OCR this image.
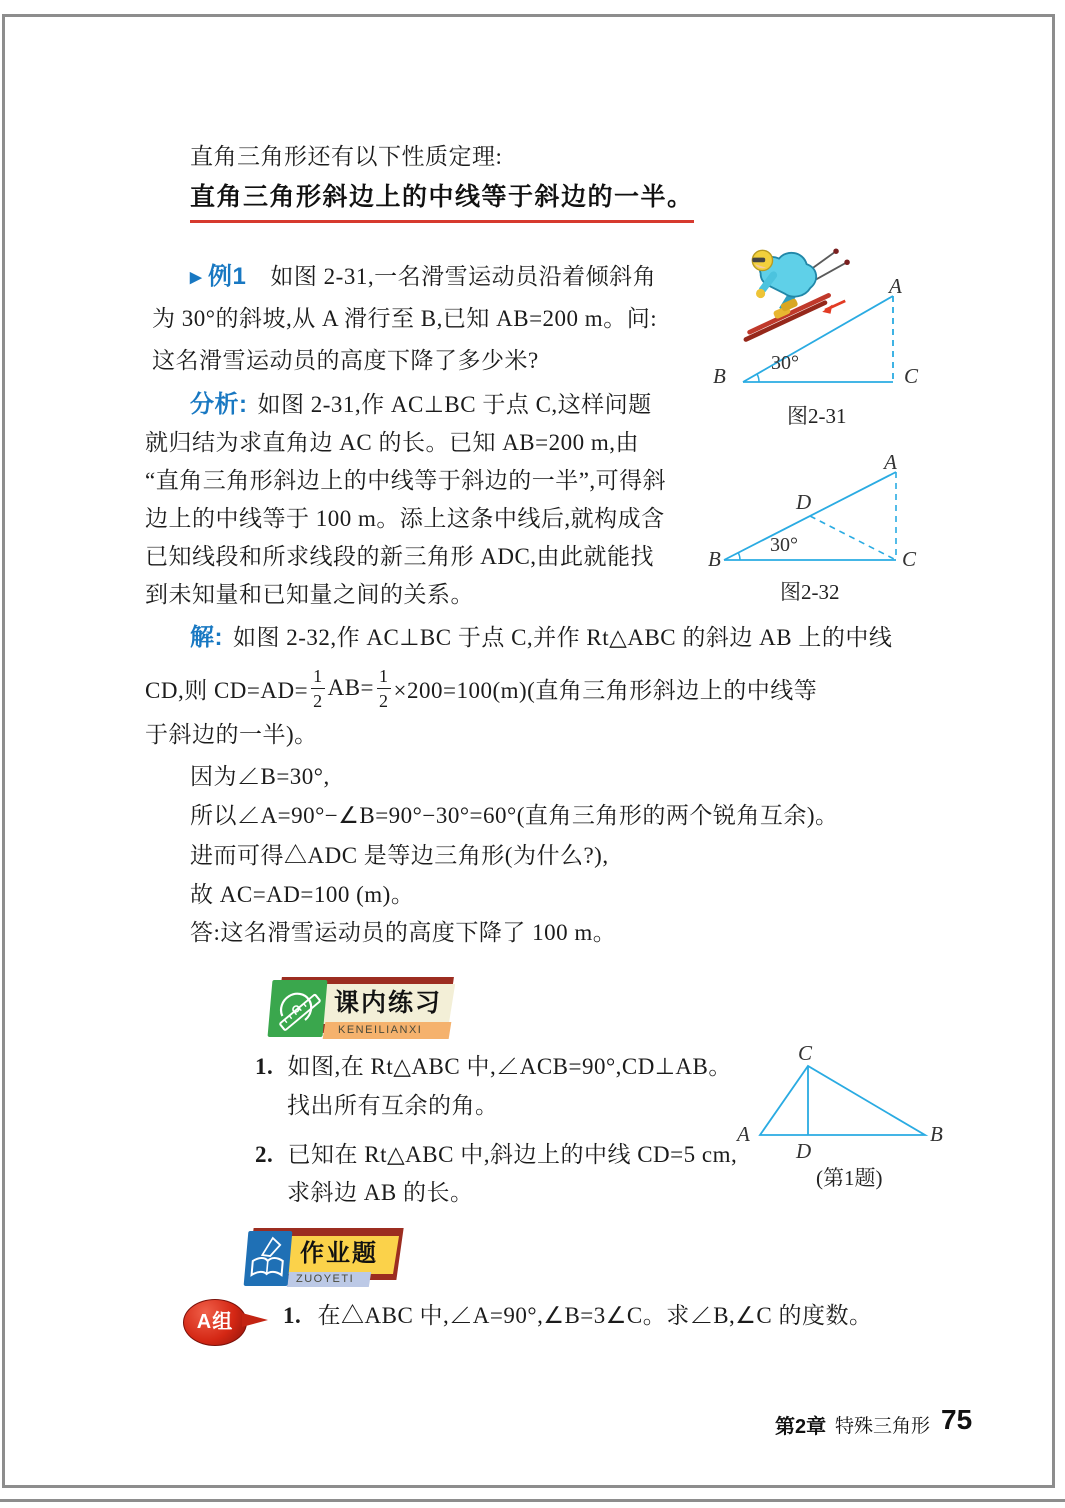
直角三角形还有以下性质定理:
直角三角形斜边上的中线等于斜边的一半。
▶ 例1 如图 2-31,一名滑雪运动员沿着倾斜角
为 30°的斜坡,从 A 滑行至 B,已知 AB=200 m。问:
这名滑雪运动员的高度下降了多少米?
分析: 如图 2-31,作 AC⊥BC 于点 C,这样问题
就归结为求直角边 AC 的长。已知 AB=200 m,由
“直角三角形斜边上的中线等于斜边的一半”,可得斜
边上的中线等于 100 m。添上这条中线后,就构成含
已知线段和所求线段的新三角形 ADC,由此就能找
到未知量和已知量之间的关系。
解: 如图 2-32,作 AC⊥BC 于点 C,并作 Rt△ABC 的斜边 AB 上的中线
CD,则 $CD=AD= \frac{1}{2} AB= \frac{1}{2} \times 200=100(m)$(直角三角形斜边上的中线等
于斜边的一半)。
因为∠B=30°,
所以∠A=90°−∠B=90°−30°=60°(直角三角形的两个锐角互余)。
进而可得△ADC 是等边三角形(为什么?),
故 AC=AD=100 (m)。
答:这名滑雪运动员的高度下降了 100 m。
B	C
A
30°
图2-31
B	C
A
D
30°
图2-32
课内练习
KENEILIANXI
1. 如图,在 Rt△ABC 中,∠ACB=90°,CD⊥AB。
找出所有互余的角。
2. 已知在 Rt△ABC 中,斜边上的中线 CD=5 cm,
求斜边 AB 的长。
A	B
C
D
(第1题)
作业题
ZUOYETI
A组	1. 在△ABC 中,∠A=90°,∠B=3∠C。求∠B,∠C 的度数。
第2章 特殊三角形 75
